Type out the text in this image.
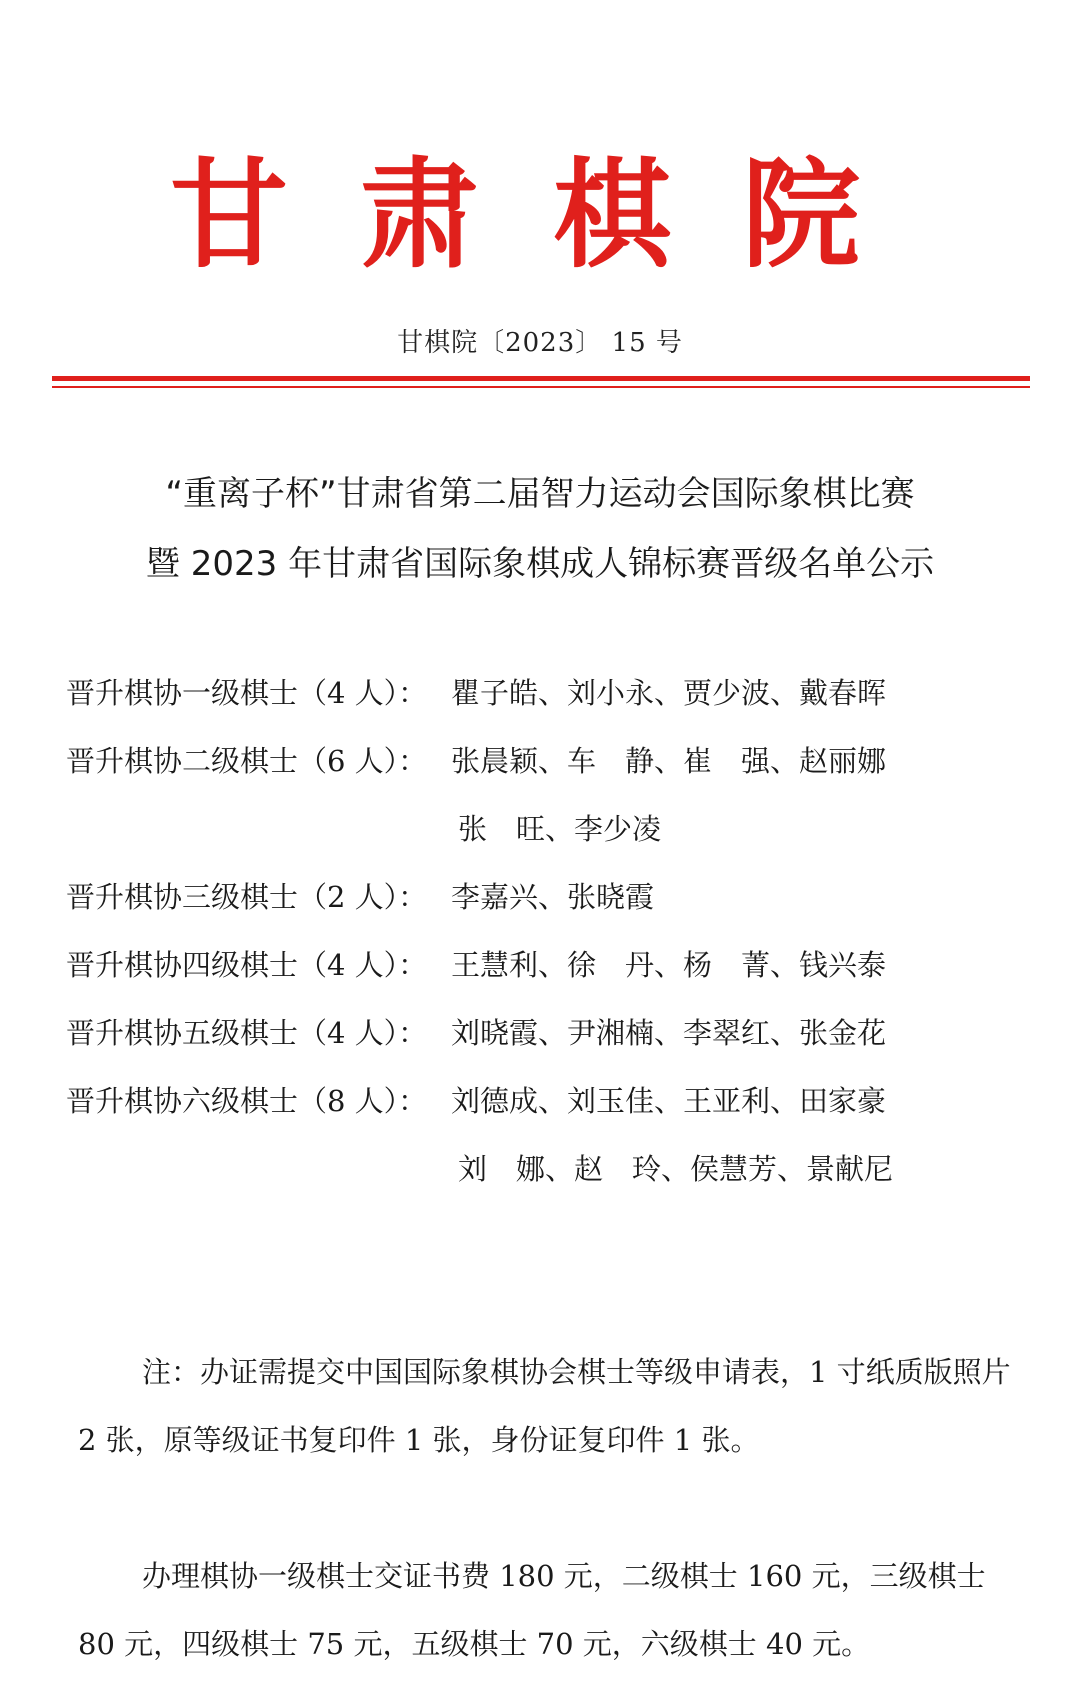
甘 肃 棋 院
甘棋院〔2023〕 15 号
“重离子杯”甘肃省第二届智力运动会国际象棋比赛
暨 2023 年甘肃省国际象棋成人锦标赛晋级名单公示
晋升棋协一级棋士（4 人）： 瞿子皓、刘小永、贾少波、戴春晖
晋升棋协二级棋士（6 人）： 张晨颖、车　静、崔　强、赵丽娜
张　旺、李少凌
晋升棋协三级棋士（2 人）： 李嘉兴、张晓霞
晋升棋协四级棋士（4 人）： 王慧利、徐　丹、杨　菁、钱兴泰
晋升棋协五级棋士（4 人）： 刘晓霞、尹湘楠、李翠红、张金花
晋升棋协六级棋士（8 人）： 刘德成、刘玉佳、王亚利、田家豪
刘　娜、赵　玲、侯慧芳、景献尼

注：办证需提交中国国际象棋协会棋士等级申请表，1 寸纸质版照片 2 张，原等级证书复印件 1 张，身份证复印件 1 张。

办理棋协一级棋士交证书费 180 元，二级棋士 160 元，三级棋士 80 元，四级棋士 75 元，五级棋士 70 元，六级棋士 40 元。
